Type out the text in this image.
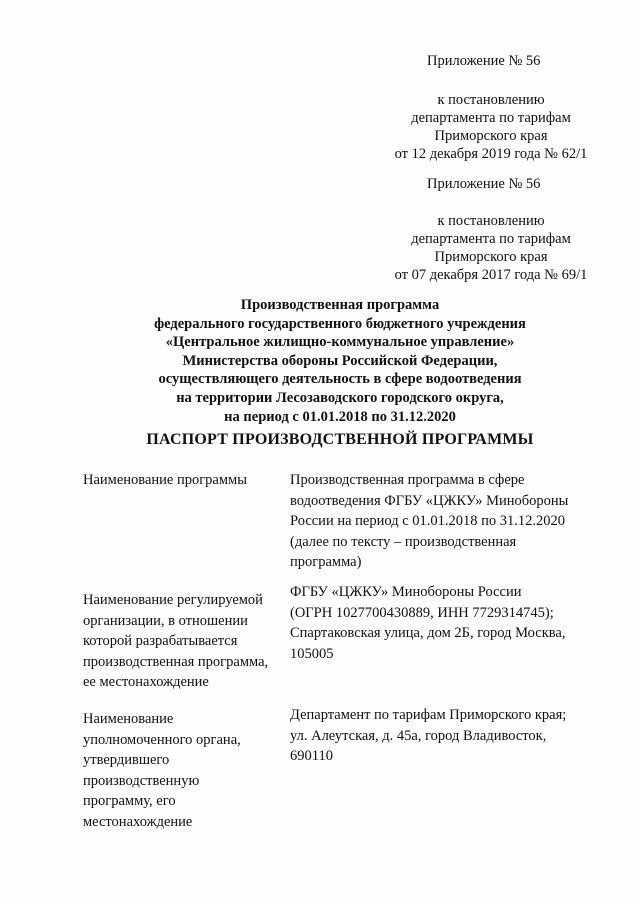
Приложение № 56
к постановлению
департамента по тарифам
Приморского края
от 12 декабря 2019 года № 62/1
Приложение № 56
к постановлению
департамента по тарифам
Приморского края
от 07 декабря 2017 года № 69/1
Производственная программа
федерального государственного бюджетного учреждения
«Центральное жилищно-коммунальное управление»
Министерства обороны Российской Федерации,
осуществляющего деятельность в сфере водоотведения
на территории Лесозаводского городского округа,
на период с 01.01.2018 по 31.12.2020
ПАСПОРТ ПРОИЗВОДСТВЕННОЙ ПРОГРАММЫ
Наименование программы	Производственная программа в сфере
водоотведения ФГБУ «ЦЖКУ» Минобороны
России на период с 01.01.2018 по 31.12.2020
(далее по тексту – производственная
программа)
Наименование регулируемой
организации, в отношении
которой разрабатывается
производственная программа,
ее местонахождение
ФГБУ «ЦЖКУ» Минобороны России
(ОГРН 1027700430889, ИНН 7729314745);
Спартаковская улица, дом 2Б, город Москва,
105005
Наименование
уполномоченного органа,
утвердившего
производственную
программу, его
местонахождение
Департамент по тарифам Приморского края;
ул. Алеутская, д. 45а, город Владивосток,
690110
